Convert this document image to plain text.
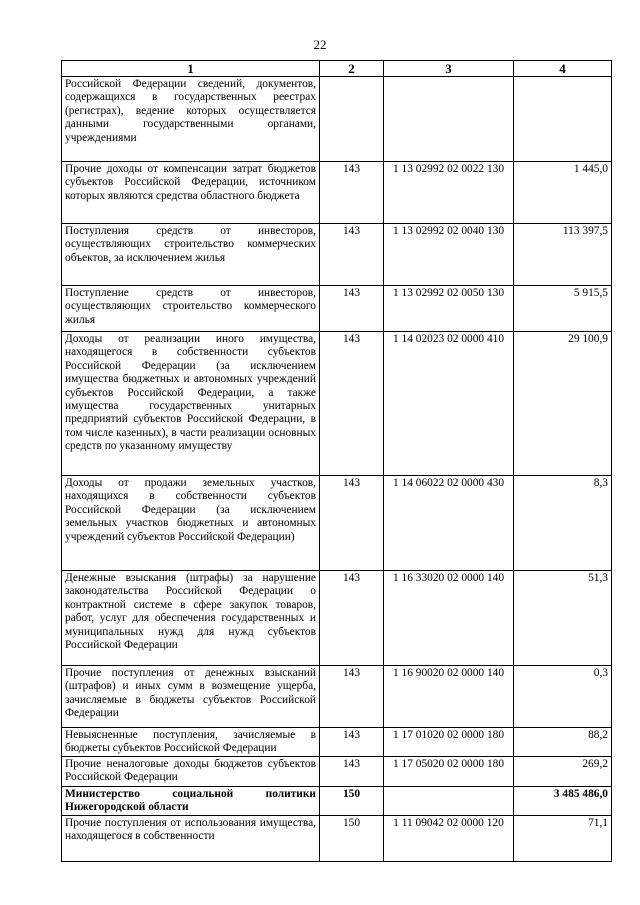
22
1	2	3	4
Российской Федерации сведений, документов, содержащихся в государственных реестрах (регистрах), ведение которых осуществляется данными государственными органами, учреждениями			
Прочие доходы от компенсации затрат бюджетов субъектов Российской Федерации, источником которых являются средства областного бюджета	143	1 13 02992 02 0022 130	1 445,0
Поступления средств от инвесторов, осуществляющих строительство коммерческих объектов, за исключением жилья	143	1 13 02992 02 0040 130	113 397,5
Поступление средств от инвесторов, осуществляющих строительство коммерческого жилья	143	1 13 02992 02 0050 130	5 915,5
Доходы от реализации иного имущества, находящегося в собственности субъектов Российской Федерации (за исключением имущества бюджетных и автономных учреждений субъектов Российской Федерации, а также имущества государственных унитарных предприятий субъектов Российской Федерации, в том числе казенных), в части реализации основных средств по указанному имуществу	143	1 14 02023 02 0000 410	29 100,9
Доходы от продажи земельных участков, находящихся в собственности субъектов Российской Федерации (за исключением земельных участков бюджетных и автономных учреждений субъектов Российской Федерации)	143	1 14 06022 02 0000 430	8,3
Денежные взыскания (штрафы) за нарушение законодательства Российской Федерации о контрактной системе в сфере закупок товаров, работ, услуг для обеспечения государственных и муниципальных нужд для нужд субъектов Российской Федерации	143	1 16 33020 02 0000 140	51,3
Прочие поступления от денежных взысканий (штрафов) и иных сумм в возмещение ущерба, зачисляемые в бюджеты субъектов Российской Федерации	143	1 16 90020 02 0000 140	0,3
Невыясненные поступления, зачисляемые в бюджеты субъектов Российской Федерации	143	1 17 01020 02 0000 180	88,2
Прочие неналоговые доходы бюджетов субъектов Российской Федерации	143	1 17 05020 02 0000 180	269,2
Министерство социальной политики Нижегородской области	150		3 485 486,0
Прочие поступления от использования имущества, находящегося в собственности	150	1 11 09042 02 0000 120	71,1
